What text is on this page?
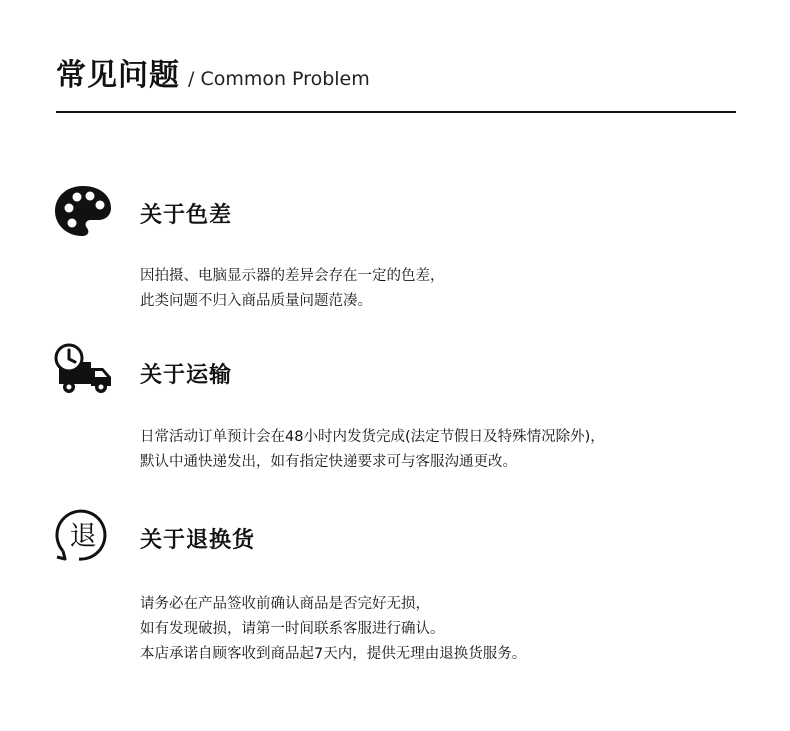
常见问题 / Common Problem
关于色差
因拍摄、电脑显示器的差异会存在一定的色差，
此类问题不归入商品质量问题范凑。
关于运输
日常活动订单预计会在48小时内发货完成(法定节假日及特殊情况除外)，
默认中通快递发出，如有指定快递要求可与客服沟通更改。
退 关于退换货
请务必在产品签收前确认商品是否完好无损，
如有发现破损，请第一时间联系客服进行确认。
本店承诺自顾客收到商品起7天内，提供无理由退换货服务。
